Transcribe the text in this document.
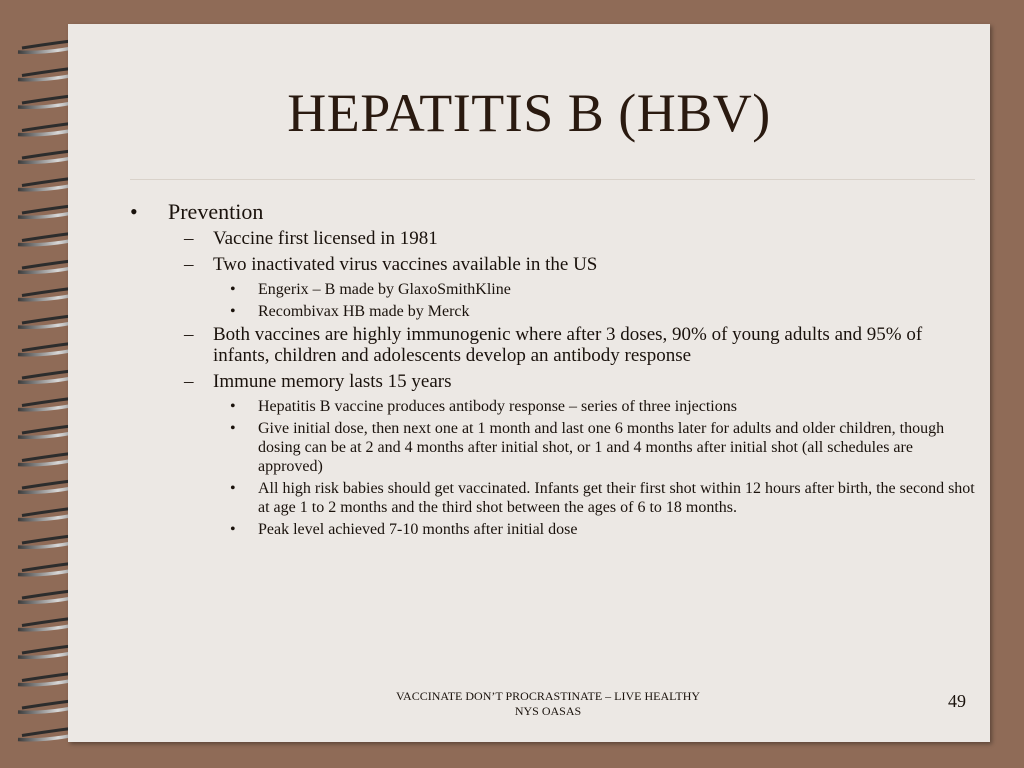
HEPATITIS B (HBV)
• Prevention
– Vaccine first licensed in 1981
– Two inactivated virus vaccines available in the US
• Engerix – B made by GlaxoSmithKline
• Recombivax HB made by Merck
– Both vaccines are highly immunogenic where after 3 doses, 90% of young adults and 95% of infants, children and adolescents develop an antibody response
– Immune memory lasts 15 years
• Hepatitis B vaccine produces antibody response – series of three injections
• Give initial dose, then next one at 1 month and last one 6 months later for adults and older children, though dosing can be at 2 and 4 months after initial shot, or 1 and 4 months after initial shot (all schedules are approved)
• All high risk babies should get vaccinated. Infants get their first shot within 12 hours after birth, the second shot at age 1 to 2 months and the third shot between the ages of 6 to 18 months.
• Peak level achieved 7-10 months after initial dose
VACCINATE DON’T PROCRASTINATE – LIVE HEALTHY
NYS OASAS	49
